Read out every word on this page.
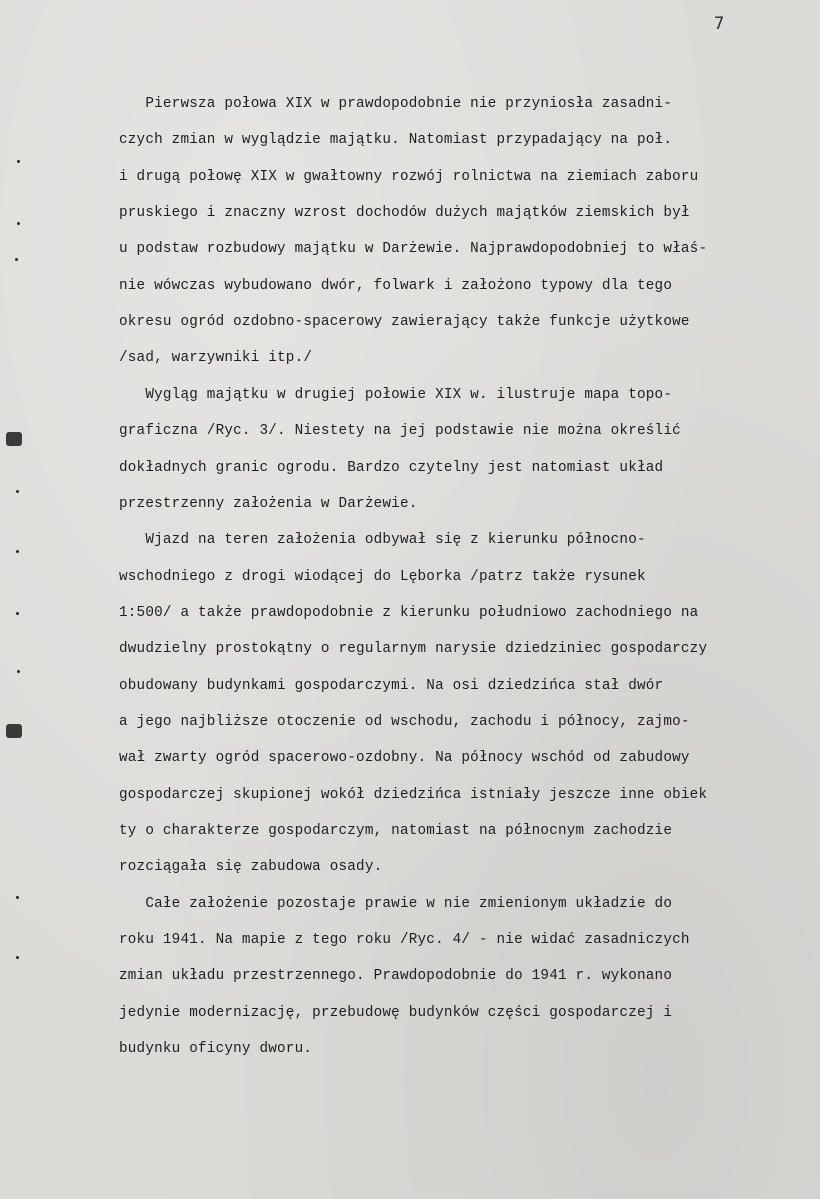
7
Pierwsza połowa XIX w prawdopodobnie nie przyniosła zasadni-
czych zmian w wyglądzie majątku. Natomiast przypadający na poł.
i drugą połowę XIX w gwałtowny rozwój rolnictwa na ziemiach zaboru
pruskiego i znaczny wzrost dochodów dużych majątków ziemskich był
u podstaw rozbudowy majątku w Darżewie. Najprawdopodobniej to właś-
nie wówczas wybudowano dwór, folwark i założono typowy dla tego
okresu ogród ozdobno-spacerowy zawierający także funkcje użytkowe
/sad, warzywniki itp./
Wygląg majątku w drugiej połowie XIX w. ilustruje mapa topo-
graficzna /Ryc. 3/. Niestety na jej podstawie nie można określić
dokładnych granic ogrodu. Bardzo czytelny jest natomiast układ
przestrzenny założenia w Darżewie.
Wjazd na teren założenia odbywał się z kierunku północno-
wschodniego z drogi wiodącej do Lęborka /patrz także rysunek
1:500/ a także prawdopodobnie z kierunku południowo zachodniego na
dwudzielny prostokątny o regularnym narysie dziedziniec gospodarczy
obudowany budynkami gospodarczymi. Na osi dziedzińca stał dwór
a jego najbliższe otoczenie od wschodu, zachodu i północy, zajmo-
wał zwarty ogród spacerowo-ozdobny. Na północy wschód od zabudowy
gospodarczej skupionej wokół dziedzińca istniały jeszcze inne obiek
ty o charakterze gospodarczym, natomiast na północnym zachodzie
rozciągała się zabudowa osady.
Całe założenie pozostaje prawie w nie zmienionym układzie do
roku 1941. Na mapie z tego roku /Ryc. 4/ - nie widać zasadniczych
zmian układu przestrzennego. Prawdopodobnie do 1941 r. wykonano
jedynie modernizację, przebudowę budynków części gospodarczej i
budynku oficyny dworu.
